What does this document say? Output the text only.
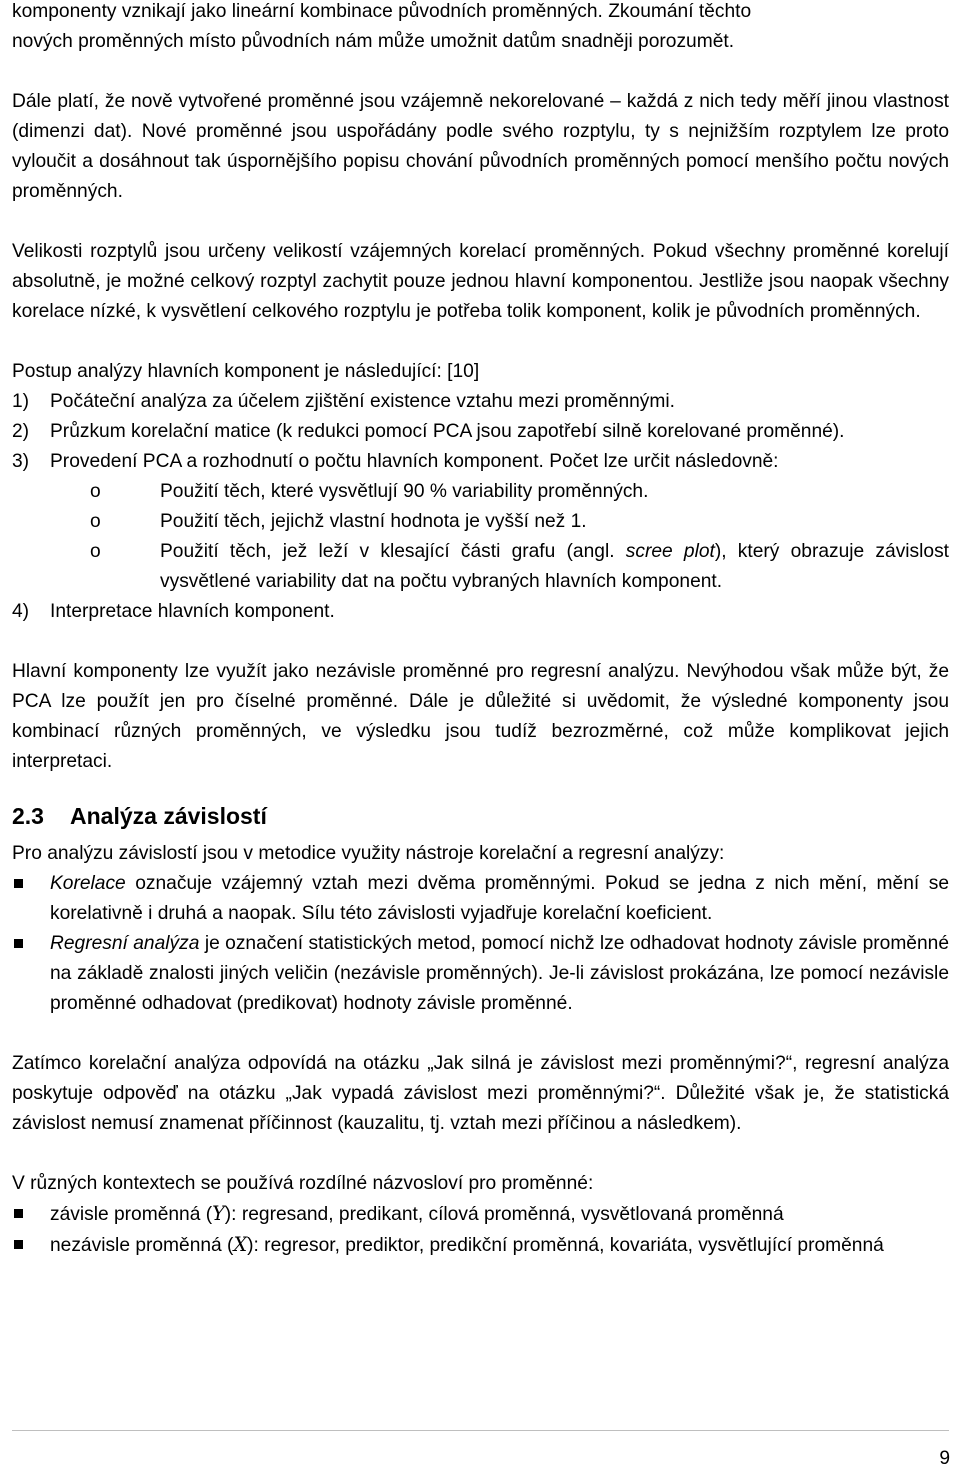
komponenty vznikají jako lineární kombinace původních proměnných. Zkoumání těchto
nových proměnných místo původních nám může umožnit datům snadněji porozumět.

Dále platí, že nově vytvořené proměnné jsou vzájemně nekorelované – každá z nich tedy měří jinou vlastnost (dimenzi dat). Nové proměnné jsou uspořádány podle svého rozptylu, ty s nejnižším rozptylem lze proto vyloučit a dosáhnout tak úspornějšího popisu chování původních proměnných pomocí menšího počtu nových proměnných.

Velikosti rozptylů jsou určeny velikostí vzájemných korelací proměnných. Pokud všechny proměnné korelují absolutně, je možné celkový rozptyl zachytit pouze jednou hlavní komponentou. Jestliže jsou naopak všechny korelace nízké, k vysvětlení celkového rozptylu je potřeba tolik komponent, kolik je původních proměnných.

Postup analýzy hlavních komponent je následující: [10]

1)	Počáteční analýza za účelem zjištění existence vztahu mezi proměnnými.
2)	Průzkum korelační matice (k redukci pomocí PCA jsou zapotřebí silně korelované proměnné).
3)	Provedení PCA a rozhodnutí o počtu hlavních komponent. Počet lze určit následovně:
o	Použití těch, které vysvětlují 90 % variability proměnných.
o	Použití těch, jejichž vlastní hodnota je vyšší než 1.
o	Použití těch, jež leží v klesající části grafu (angl. scree plot), který obrazuje závislost vysvětlené variability dat na počtu vybraných hlavních komponent.
4)	Interpretace hlavních komponent.

Hlavní komponenty lze využít jako nezávisle proměnné pro regresní analýzu. Nevýhodou však může být, že PCA lze použít jen pro číselné proměnné. Dále je důležité si uvědomit, že výsledné komponenty jsou kombinací různých proměnných, ve výsledku jsou tudíž bezrozměrné, což může komplikovat jejich interpretaci.

2.3	Analýza závislostí

Pro analýzu závislostí jsou v metodice využity nástroje korelační a regresní analýzy:

Korelace označuje vzájemný vztah mezi dvěma proměnnými. Pokud se jedna z nich mění, mění se korelativně i druhá a naopak. Sílu této závislosti vyjadřuje korelační koeficient.
Regresní analýza je označení statistických metod, pomocí nichž lze odhadovat hodnoty závisle proměnné na základě znalosti jiných veličin (nezávisle proměnných). Je-li závislost prokázána, lze pomocí nezávisle proměnné odhadovat (predikovat) hodnoty závisle proměnné.

Zatímco korelační analýza odpovídá na otázku „Jak silná je závislost mezi proměnnými?“, regresní analýza poskytuje odpověď na otázku „Jak vypadá závislost mezi proměnnými?“. Důležité však je, že statistická závislost nemusí znamenat příčinnost (kauzalitu, tj. vztah mezi příčinou a následkem).

V různých kontextech se používá rozdílné názvosloví pro proměnné:

závisle proměnná (Y): regresand, predikant, cílová proměnná, vysvětlovaná proměnná
nezávisle proměnná (X): regresor, prediktor, predikční proměnná, kovariáta, vysvětlující proměnná
9
